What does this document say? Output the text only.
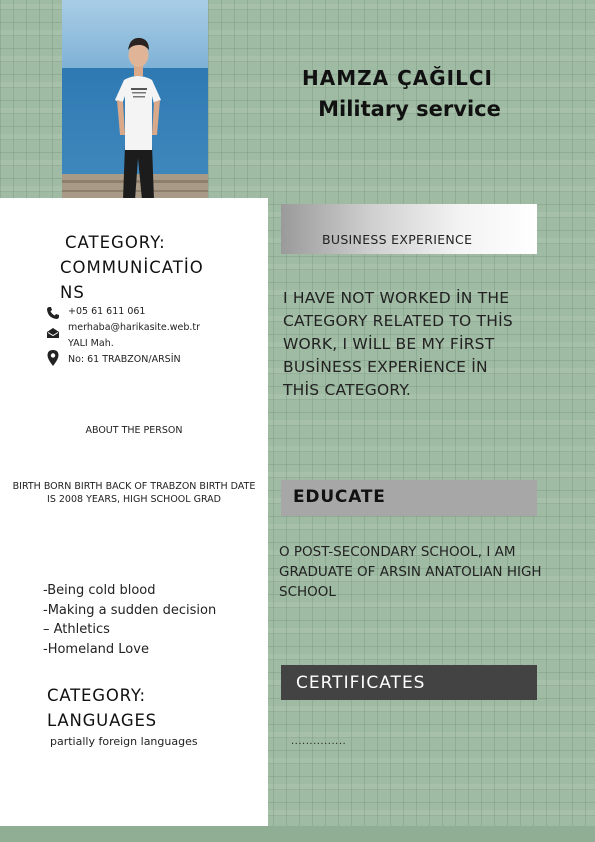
HAMZA ÇAĞILCI
Military service
CATEGORY:
COMMUNİCATİO
NS
+05 61 611 061
merhaba@harikasite.web.tr
YALI Mah.
No: 61 TRABZON/ARSİN
ABOUT THE PERSON
BIRTH BORN BIRTH BACK OF TRABZON BIRTH DATE IS 2008 YEARS, HIGH SCHOOL GRAD
-Being cold blood
-Making a sudden decision
– Athletics
-Homeland Love
CATEGORY:
LANGUAGES
partially foreign languages
BUSINESS EXPERIENCE
I HAVE NOT WORKED İN THE
CATEGORY RELATED TO THİS
WORK, I WİLL BE MY FİRST
BUSİNESS EXPERİENCE İN
THİS CATEGORY.
EDUCATE
O POST-SECONDARY SCHOOL, I AM GRADUATE OF ARSIN ANATOLIAN HIGH SCHOOL
CERTIFICATES
...............
